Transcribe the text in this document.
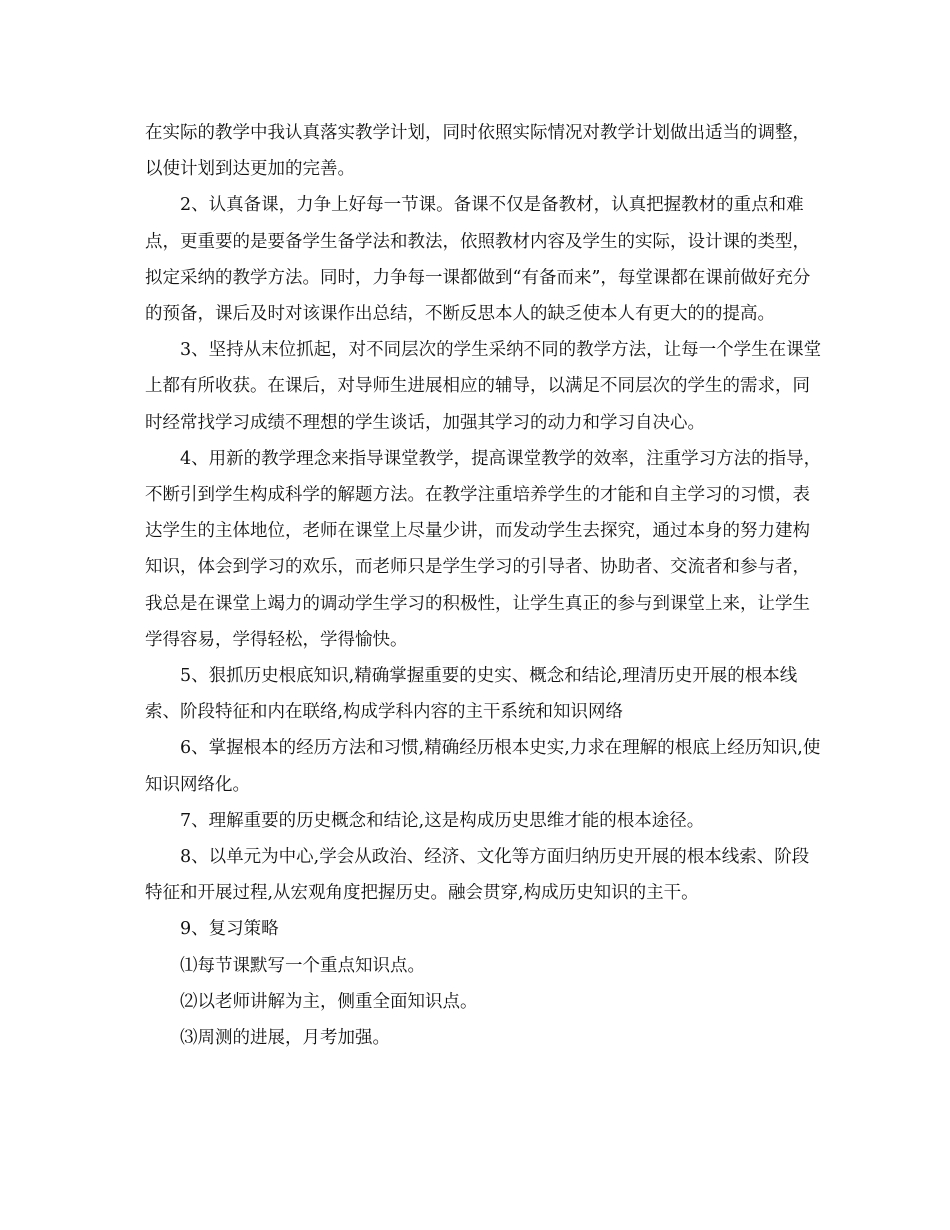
在实际的教学中我认真落实教学计划，同时依照实际情况对教学计划做出适当的调整，以使计划到达更加的完善。

2、认真备课，力争上好每一节课。备课不仅是备教材，认真把握教材的重点和难点，更重要的是要备学生备学法和教法，依照教材内容及学生的实际，设计课的类型，拟定采纳的教学方法。同时，力争每一课都做到“有备而来”，每堂课都在课前做好充分的预备，课后及时对该课作出总结，不断反思本人的缺乏使本人有更大的的提高。

3、坚持从末位抓起，对不同层次的学生采纳不同的教学方法，让每一个学生在课堂上都有所收获。在课后，对导师生进展相应的辅导，以满足不同层次的学生的需求，同时经常找学习成绩不理想的学生谈话，加强其学习的动力和学习自决心。

4、用新的教学理念来指导课堂教学，提高课堂教学的效率，注重学习方法的指导，不断引到学生构成科学的解题方法。在教学注重培养学生的才能和自主学习的习惯，表达学生的主体地位，老师在课堂上尽量少讲，而发动学生去探究，通过本身的努力建构知识，体会到学习的欢乐，而老师只是学生学习的引导者、协助者、交流者和参与者，我总是在课堂上竭力的调动学生学习的积极性，让学生真正的参与到课堂上来，让学生学得容易，学得轻松，学得愉快。

5、狠抓历史根底知识,精确掌握重要的史实、概念和结论,理清历史开展的根本线索、阶段特征和内在联络,构成学科内容的主干系统和知识网络

6、掌握根本的经历方法和习惯,精确经历根本史实,力求在理解的根底上经历知识,使知识网络化。

7、理解重要的历史概念和结论,这是构成历史思维才能的根本途径。

8、以单元为中心,学会从政治、经济、文化等方面归纳历史开展的根本线索、阶段特征和开展过程,从宏观角度把握历史。融会贯穿,构成历史知识的主干。

9、复习策略

⑴每节课默写一个重点知识点。

⑵以老师讲解为主，侧重全面知识点。

⑶周测的进展，月考加强。
